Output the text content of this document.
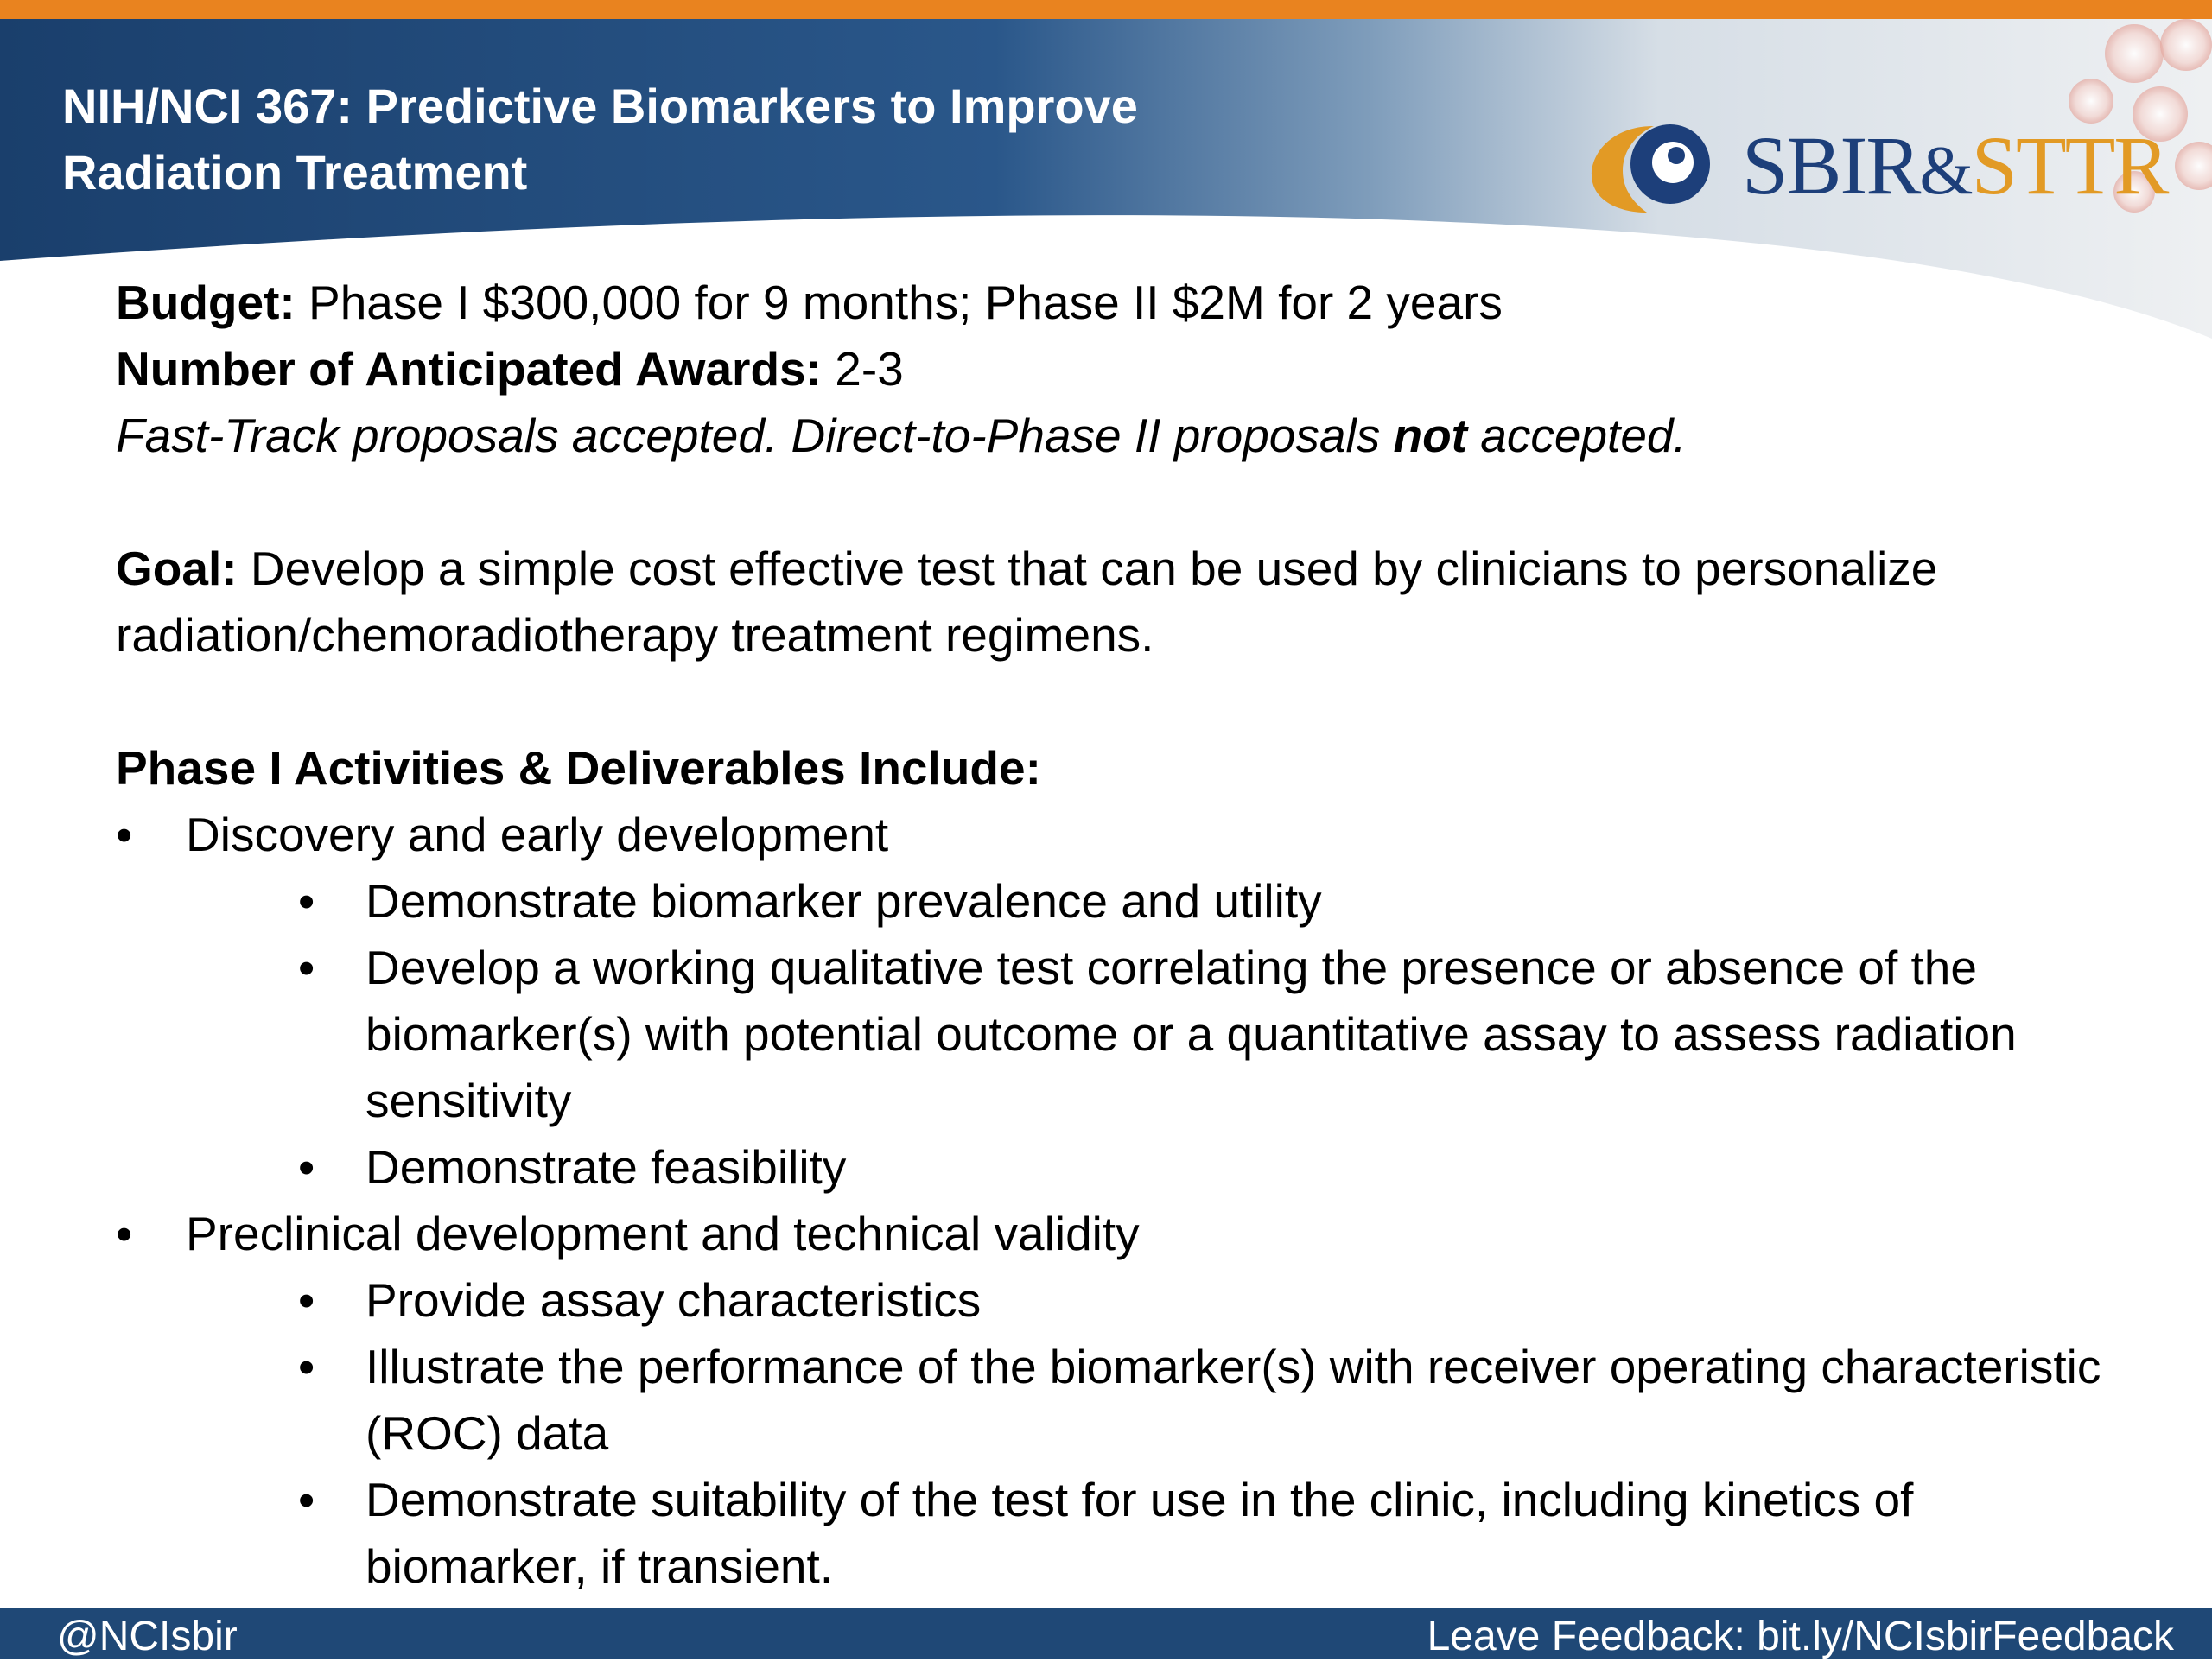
NIH/NCI 367: Predictive Biomarkers to Improve
Radiation Treatment	SBIR&STTR

Budget: Phase I $300,000 for 9 months; Phase II $2M for 2 years

Number of Anticipated Awards: 2-3

Fast-Track proposals accepted. Direct-to-Phase II proposals not accepted.

Goal: Develop a simple cost effective test that can be used by clinicians to personalize radiation/chemoradiotherapy treatment regimens.

Phase I Activities & Deliverables Include:

• Discovery and early development
• Demonstrate biomarker prevalence and utility
• Develop a working qualitative test correlating the presence or absence of the biomarker(s) with potential outcome or a quantitative assay to assess radiation sensitivity
• Demonstrate feasibility
• Preclinical development and technical validity
• Provide assay characteristics
• Illustrate the performance of the biomarker(s) with receiver operating characteristic (ROC) data
• Demonstrate suitability of the test for use in the clinic, including kinetics of biomarker, if transient.
@NCIsbir	Leave Feedback: bit.ly/NCIsbirFeedback
